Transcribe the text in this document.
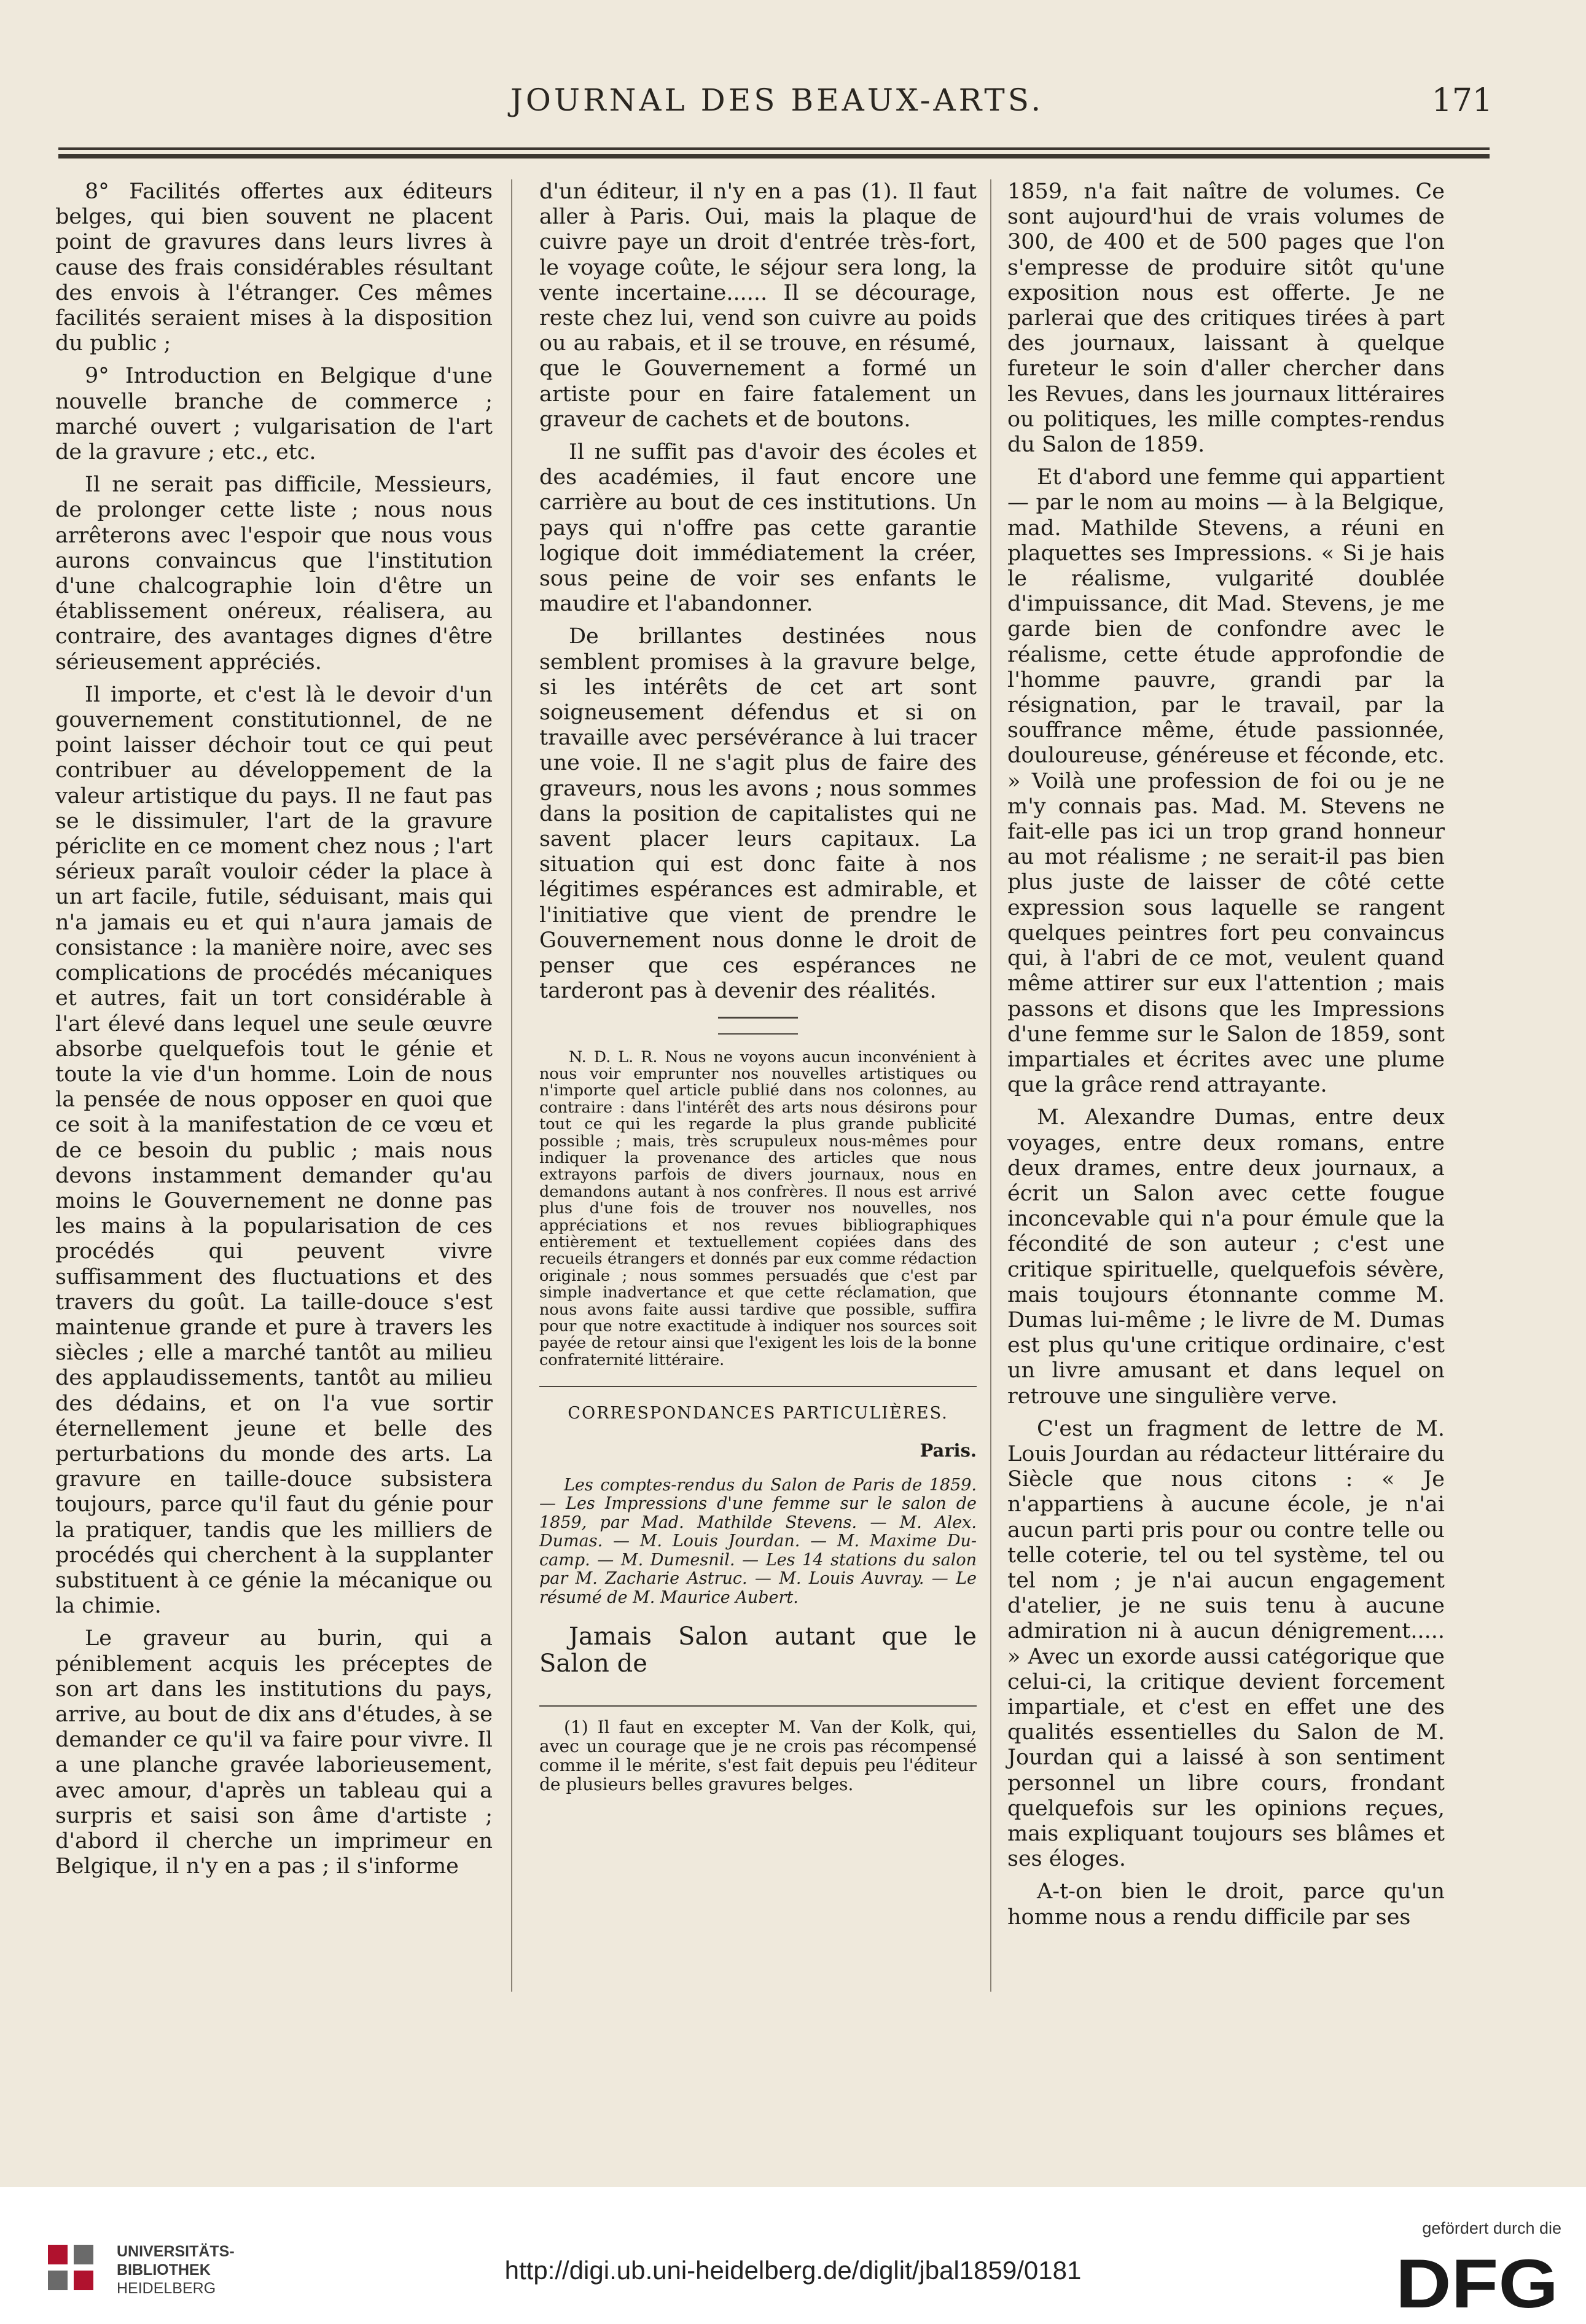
JOURNAL DES BEAUX-ARTS.	171

8° Facilités offertes aux éditeurs belges, qui bien souvent ne placent point de gravures dans leurs livres à cause des frais considérables résultant des envois à l'étranger. Ces mêmes facilités seraient mises à la disposition du public ;

9° Introduction en Belgique d'une nouvelle branche de commerce ; marché ouvert ; vulgarisation de l'art de la gravure ; etc., etc.

Il ne serait pas difficile, Messieurs, de prolonger cette liste ; nous nous arrêterons avec l'espoir que nous vous aurons convaincus que l'institution d'une chalcographie loin d'être un établissement onéreux, réalisera, au contraire, des avantages dignes d'être sérieusement appréciés.

Il importe, et c'est là le devoir d'un gouvernement constitutionnel, de ne point laisser déchoir tout ce qui peut contribuer au développement de la valeur artistique du pays. Il ne faut pas se le dissimuler, l'art de la gravure périclite en ce moment chez nous ; l'art sérieux paraît vouloir céder la place à un art facile, futile, séduisant, mais qui n'a jamais eu et qui n'aura jamais de consistance : la manière noire, avec ses complications de procédés mécaniques et autres, fait un tort considérable à l'art élevé dans lequel une seule œuvre absorbe quelquefois tout le génie et toute la vie d'un homme. Loin de nous la pensée de nous opposer en quoi que ce soit à la manifestation de ce vœu et de ce besoin du public ; mais nous devons instamment demander qu'au moins le Gouvernement ne donne pas les mains à la popularisation de ces procédés qui peuvent vivre suffisamment des fluctuations et des travers du goût. La taille-douce s'est maintenue grande et pure à travers les siècles ; elle a marché tantôt au milieu des applaudissements, tantôt au milieu des dédains, et on l'a vue sortir éternellement jeune et belle des perturbations du monde des arts. La gravure en taille-douce subsistera toujours, parce qu'il faut du génie pour la pratiquer, tandis que les milliers de procédés qui cherchent à la supplanter substituent à ce génie la mécanique ou la chimie.

Le graveur au burin, qui a péniblement acquis les préceptes de son art dans les institutions du pays, arrive, au bout de dix ans d'études, à se demander ce qu'il va faire pour vivre. Il a une planche gravée laborieusement, avec amour, d'après un tableau qui a surpris et saisi son âme d'artiste ; d'abord il cherche un imprimeur en Belgique, il n'y en a pas ; il s'informe

d'un éditeur, il n'y en a pas (1). Il faut aller à Paris. Oui, mais la plaque de cuivre paye un droit d'entrée très-fort, le voyage coûte, le séjour sera long, la vente incertaine...... Il se décourage, reste chez lui, vend son cuivre au poids ou au rabais, et il se trouve, en résumé, que le Gouvernement a formé un artiste pour en faire fatalement un graveur de cachets et de boutons.

Il ne suffit pas d'avoir des écoles et des académies, il faut encore une carrière au bout de ces institutions. Un pays qui n'offre pas cette garantie logique doit immédiatement la créer, sous peine de voir ses enfants le maudire et l'abandonner.

De brillantes destinées nous semblent promises à la gravure belge, si les intérêts de cet art sont soigneusement défendus et si on travaille avec persévérance à lui tracer une voie. Il ne s'agit plus de faire des graveurs, nous les avons ; nous sommes dans la position de capitalistes qui ne savent placer leurs capitaux. La situation qui est donc faite à nos légitimes espérances est admirable, et l'initiative que vient de prendre le Gouvernement nous donne le droit de penser que ces espérances ne tarderont pas à devenir des réalités.

N. D. L. R. Nous ne voyons aucun inconvénient à nous voir emprunter nos nouvelles artistiques ou n'importe quel article publié dans nos colonnes, au contraire : dans l'intérêt des arts nous désirons pour tout ce qui les regarde la plus grande publicité possible ; mais, très scrupuleux nous-mêmes pour indiquer la provenance des articles que nous extrayons parfois de divers journaux, nous en demandons autant à nos confrères. Il nous est arrivé plus d'une fois de trouver nos nouvelles, nos appréciations et nos revues bibliographiques entièrement et textuellement copiées dans des recueils étrangers et donnés par eux comme rédaction originale ; nous sommes persuadés que c'est par simple inadvertance et que cette réclamation, que nous avons faite aussi tardive que possible, suffira pour que notre exactitude à indiquer nos sources soit payée de retour ainsi que l'exigent les lois de la bonne confraternité littéraire.

CORRESPONDANCES PARTICULIÈRES.
Paris.

Les comptes-rendus du Salon de Paris de 1859. — Les Impressions d'une femme sur le salon de 1859, par Mad. Mathilde Stevens. — M. Alex. Dumas. — M. Louis Jourdan. — M. Maxime Du-camp. — M. Dumesnil. — Les 14 stations du salon par M. Zacharie Astruc. — M. Louis Auvray. — Le résumé de M. Maurice Aubert.

Jamais Salon autant que le Salon de

(1) Il faut en excepter M. Van der Kolk, qui, avec un courage que je ne crois pas récompensé comme il le mérite, s'est fait depuis peu l'éditeur de plusieurs belles gravures belges.

1859, n'a fait naître de volumes. Ce sont aujourd'hui de vrais volumes de 300, de 400 et de 500 pages que l'on s'empresse de produire sitôt qu'une exposition nous est offerte. Je ne parlerai que des critiques tirées à part des journaux, laissant à quelque fureteur le soin d'aller chercher dans les Revues, dans les journaux littéraires ou politiques, les mille comptes-rendus du Salon de 1859.

Et d'abord une femme qui appartient — par le nom au moins — à la Belgique, mad. Mathilde Stevens, a réuni en plaquettes ses Impressions. « Si je hais le réalisme, vulgarité doublée d'impuissance, dit Mad. Stevens, je me garde bien de confondre avec le réalisme, cette étude approfondie de l'homme pauvre, grandi par la résignation, par le travail, par la souffrance même, étude passionnée, douloureuse, généreuse et féconde, etc. » Voilà une profession de foi ou je ne m'y connais pas. Mad. M. Stevens ne fait-elle pas ici un trop grand honneur au mot réalisme ; ne serait-il pas bien plus juste de laisser de côté cette expression sous laquelle se rangent quelques peintres fort peu convaincus qui, à l'abri de ce mot, veulent quand même attirer sur eux l'attention ; mais passons et disons que les Impressions d'une femme sur le Salon de 1859, sont impartiales et écrites avec une plume que la grâce rend attrayante.

M. Alexandre Dumas, entre deux voyages, entre deux romans, entre deux drames, entre deux journaux, a écrit un Salon avec cette fougue inconcevable qui n'a pour émule que la fécondité de son auteur ; c'est une critique spirituelle, quelquefois sévère, mais toujours étonnante comme M. Dumas lui-même ; le livre de M. Dumas est plus qu'une critique ordinaire, c'est un livre amusant et dans lequel on retrouve une singulière verve.

C'est un fragment de lettre de M. Louis Jourdan au rédacteur littéraire du Siècle que nous citons : « Je n'appartiens à aucune école, je n'ai aucun parti pris pour ou contre telle ou telle coterie, tel ou tel système, tel ou tel nom ; je n'ai aucun engagement d'atelier, je ne suis tenu à aucune admiration ni à aucun dénigrement..... » Avec un exorde aussi catégorique que celui-ci, la critique devient forcement impartiale, et c'est en effet une des qualités essentielles du Salon de M. Jourdan qui a laissé à son sentiment personnel un libre cours, frondant quelquefois sur les opinions reçues, mais expliquant toujours ses blâmes et ses éloges.

A-t-on bien le droit, parce qu'un homme nous a rendu difficile par ses

UNIVERSITÄTS-
BIBLIOTHEK
HEIDELBERG
http://digi.ub.uni-heidelberg.de/diglit/jbal1859/0181
gefördert durch die
DFG
